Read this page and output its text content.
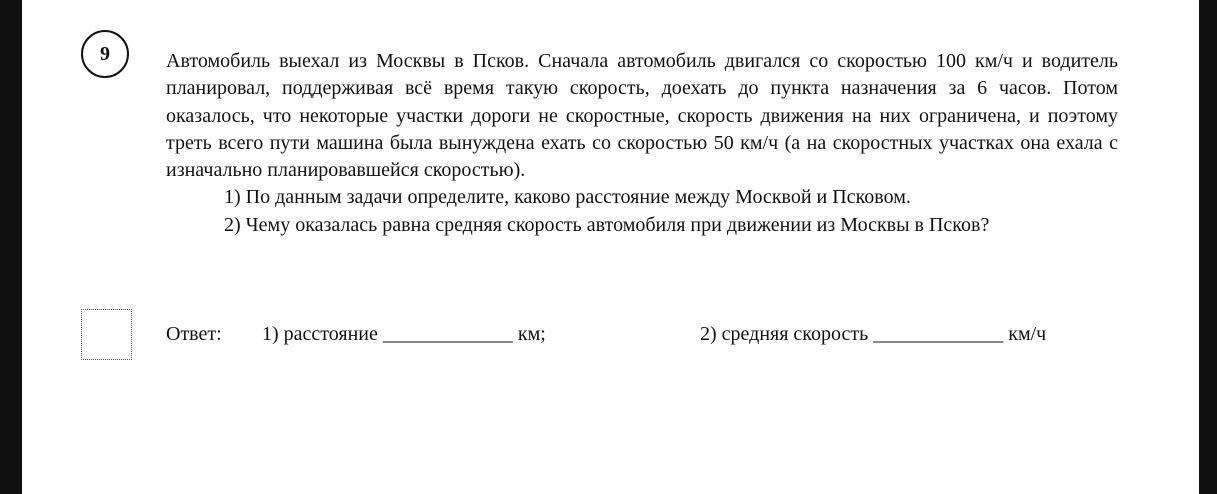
9	Автомобиль выехал из Москвы в Псков. Сначала автомобиль двигался со скоростью 100 км/ч и водитель планировал, поддерживая всё время такую скорость, доехать до пункта назначения за 6 часов. Потом оказалось, что некоторые участки дороги не скоростные, скорость движения на них ограничена, и поэтому треть всего пути машина была вынуждена ехать со скоростью 50 км/ч (а на скоростных участках она ехала с изначально планировавшейся скоростью).

1) По данным задачи определите, каково расстояние между Москвой и Псковом.

2) Чему оказалась равна средняя скорость автомобиля при движении из Москвы в Псков?

Ответ:

1) расстояние _____________ км;

	2) средняя скорость _____________ км/ч
